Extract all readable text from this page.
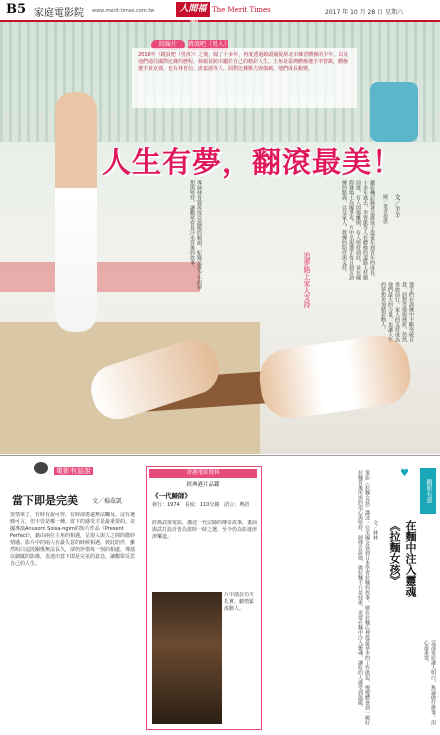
B5 家庭電影院 www.merit-times.com.tw	人間福 The Merit Times	2017 年 10 月 28 日 星期六
院線片	跳浪吧（男人）
2016年《跳浪吧（男孩）》之後，隔了十多年，再度透過鏡頭捕捉新北市練習體操的少年，以及他們通往國際比賽的歷程，發掘並跨出屬於自己的精彩人生。主角是臺灣體操選手李智凱，體操選手黃克強，也有林育信、唐嘉鴻等人，面對比賽壓力與傷痛，他們成長蛻變。
人生有夢，翻滾最美！
文／羊羊
圖／業者提供
攝影機記錄著這群孩子從童年到青年的成長。十多年過去，李智凱等人在體操的道路上持續前進，有人因傷離開，有人堅持到底，並在國際賽場上為國爭光。片中呈現選手每日刻苦訓練的點滴，以及家人、教練的陪伴與支持。
導演林育賢再度以溫暖的鏡頭，紀錄這群少年的夢想與堅持，讓觀眾看見汗水背後的故事。
追夢路上家人支持
選手們在訓練中不斷突破自我，面對受傷與挫折，仍然勇敢前行。家人的支持成為他們最大的力量，也讓人生的夢想更加精彩動人。
電影有話說
當下即是完美 文／楊茲凱
愛情來了，有時有說可得，有時卻遙遠無法觸及。沒有遺憾可言，但不管是哪一種，當下的感受才是最重要的。美國導演Anusorn Soisa-ngim的短片作品《Present Perfect》，藉由兩位主角的相遇，呈現人與人之間的微妙情感。影片中的兩人在最失意的時候相遇，彼此陪伴，雖然明白這段關係無法長久，卻仍珍惜每一刻的相處。導演以細膩的影像，表達出當下即是完美的意念，讓觀眾反思自己的人生。
香港電影資料
經典港片品鑑
《一代歸師》
發行：1974　長度：110分鐘　語言：粵語
經典武俠電影，講述一代宗師的傳奇故事，畫面與武打設計皆為當時一時之選，至今仍為影迷津津樂道。
片中演員功夫扎實，劇情緊湊動人。
♥
觀影有感
在麵中注入靈魂
《拉麵女孩》
文／林林
電影《拉麵女孩》講述一位美國女孩到日本學習拉麵的故事。她在拉麵店裡從最基本的工作做起，慢慢體會到一碗好拉麵背後所需的用心與堅持。師傅告訴她，做拉麵不只是技術，更要在麵中注入靈魂，讓吃的人感受到溫暖。	這部電影讓人明白，無論做什麼事，用心最重要。
